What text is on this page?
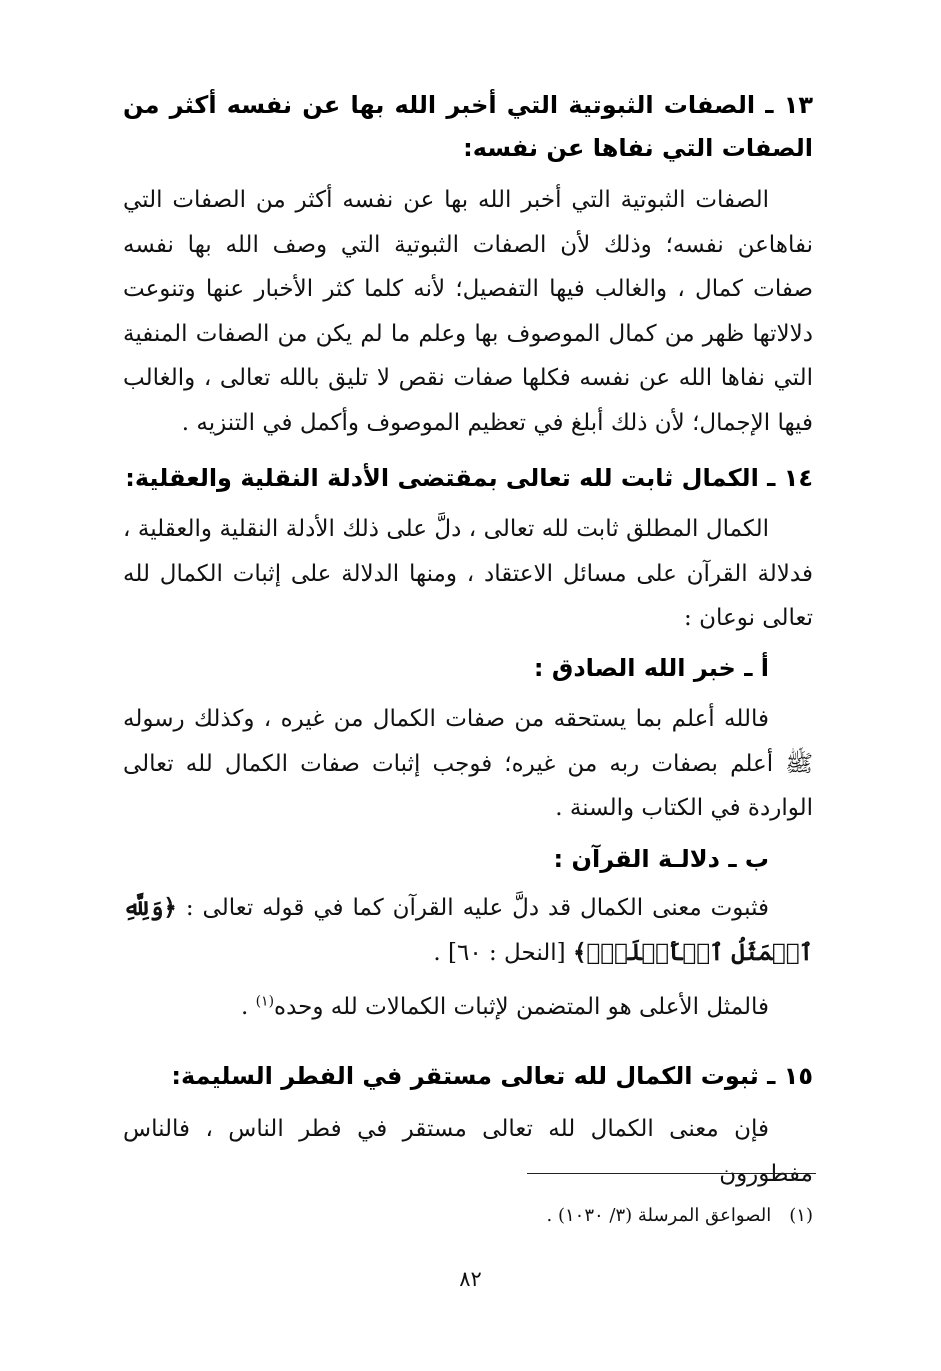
١٣ ـ الصفات الثبوتية التي أخبر الله بها عن نفسه أكثر من الصفات التي نفاها عن نفسه:
الصفات الثبوتية التي أخبر الله بها عن نفسه أكثر من الصفات التي نفاهاعن نفسه؛ وذلك لأن الصفات الثبوتية التي وصف الله بها نفسه صفات كمال ، والغالب فيها التفصيل؛ لأنه كلما كثر الأخبار عنها وتنوعت دلالاتها ظهر من كمال الموصوف بها وعلم ما لم يكن من الصفات المنفية التي نفاها الله عن نفسه فكلها صفات نقص لا تليق بالله تعالى ، والغالب فيها الإجمال؛ لأن ذلك أبلغ في تعظيم الموصوف وأكمل في التنزيه .
١٤ ـ الكمال ثابت لله تعالى بمقتضى الأدلة النقلية والعقلية:
الكمال المطلق ثابت لله تعالى ، دلَّ على ذلك الأدلة النقلية والعقلية ، فدلالة القرآن على مسائل الاعتقاد ، ومنها الدلالة على إثبات الكمال لله تعالى نوعان :
أ ـ خبر الله الصادق :
فالله أعلم بما يستحقه من صفات الكمال من غيره ، وكذلك رسوله ﷺ أعلم بصفات ربه من غيره؛ فوجب إثبات صفات الكمال لله تعالى الواردة في الكتاب والسنة .
ب ـ دلالـة القرآن :
فثبوت معنى الكمال قد دلَّ عليه القرآن كما في قوله تعالى : ﴿وَلِلَّهِ ٱلۡمَثَلُ ٱلۡأَعۡلَىٰۚ﴾ [النحل : ٦٠] .
فالمثل الأعلى هو المتضمن لإثبات الكمالات لله وحده$^{(١)}$ .
١٥ ـ ثبوت الكمال لله تعالى مستقر في الفطر السليمة:
فإن معنى الكمال لله تعالى مستقر في فطر الناس ، فالناس مفطورون
(١)الصواعق المرسلة (٣/ ١٠٣٠) .
٨٢
